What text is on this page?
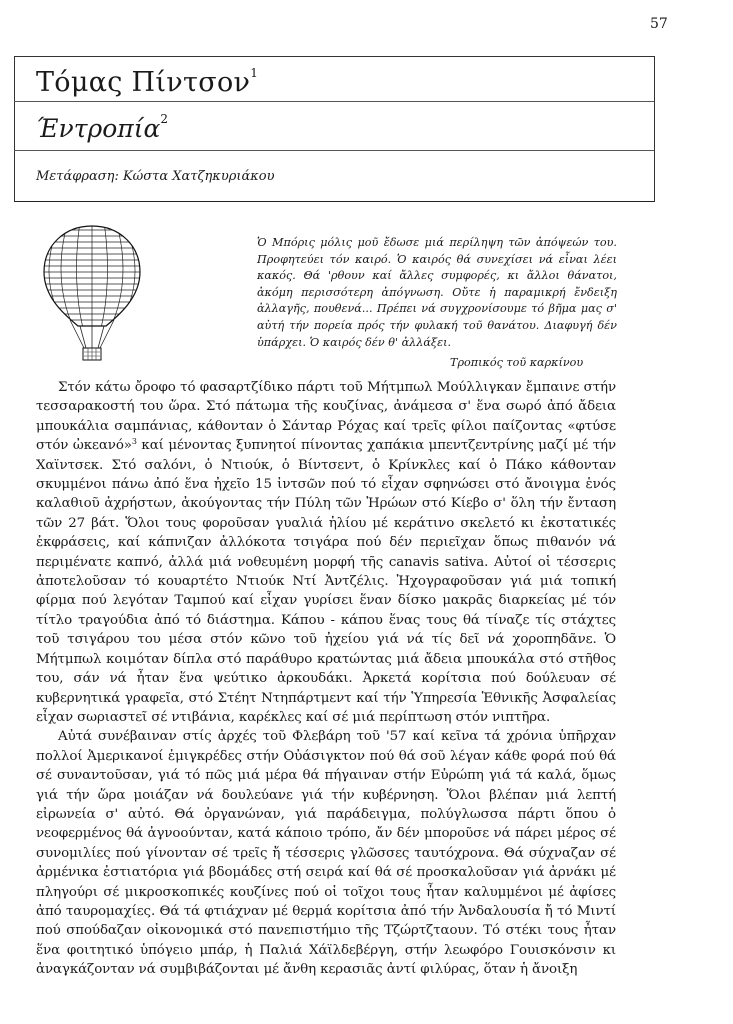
57
Τόμας Πίντσον$^1$
Έντροπία$^2$
Μετάφραση: Κώστα Χατζηκυριάκου

Ὁ Μπόρις μόλις μοῦ ἔδωσε μιά περίληψη τῶν ἀπόψεών του. Προφητεύει τόν καιρό. Ὁ καιρός θά συνεχίσει νά εἶναι λέει κακός. Θά 'ρθουν καί ἄλλες συμφορές, κι ἄλλοι θάνατοι, ἀκόμη περισσότερη ἀπόγνωση. Οὔτε ἡ παραμικρή ἔνδειξη ἀλλαγῆς, πουθενά... Πρέπει νά συγχρονίσουμε τό βῆμα μας σ' αὐτή τήν πορεία πρός τήν φυλακή τοῦ θανάτου. Διαφυγή δέν ὑπάρχει. Ὁ καιρός δέν θ' ἀλλάξει.

Τροπικός τοῦ καρκίνου

Στόν κάτω ὄροφο τό φασαρτζίδικο πάρτι τοῦ Μήτμπωλ Μούλλιγκαν ἔμπαινε στήν τεσσαρακοστή του ὥρα. Στό πάτωμα τῆς κουζίνας, ἀνάμεσα σ' ἕνα σωρό ἀπό ἄδεια μπουκάλια σαμπάνιας, κάθονταν ὁ Σάνταρ Ρόχας καί τρεῖς φίλοι παίζοντας «φτύσε στόν ὠκεανό»$^3$ καί μένοντας ξυπνητοί πίνοντας χαπάκια μπεντζεντρίνης μαζί μέ τήν Χαϊντσεκ. Στό σαλόνι, ὁ Ντιούκ, ὁ Βίντσεντ, ὁ Κρίνκλες καί ὁ Πάκο κάθονταν σκυμμένοι πάνω ἀπό ἕνα ἠχεῖο 15 ἰντσῶν πού τό εἶχαν σφηνώσει στό ἄνοιγμα ἑνός καλαθιοῦ ἀχρήστων, ἀκούγοντας τήν Πύλη τῶν Ἡρώων στό Κίεβο σ' ὅλη τήν ἔνταση τῶν 27 βάτ. Ὅλοι τους φοροῦσαν γυαλιά ἡλίου μέ κεράτινο σκελετό κι ἐκστατικές ἐκφράσεις, καί κάπνιζαν ἀλλόκοτα τσιγάρα πού δέν περιεῖχαν ὅπως πιθανόν νά περιμένατε καπνό, ἀλλά μιά νοθευμένη μορφή τῆς canavis sativa. Αὐτοί οἱ τέσσερις ἀποτελοῦσαν τό κουαρτέτο Ντιούκ Ντί Ἀντζέλις. Ἠχογραφοῦσαν γιά μιά τοπική φίρμα πού λεγόταν Ταμπού καί εἶχαν γυρίσει ἕναν δίσκο μακρᾶς διαρκείας μέ τόν τίτλο τραγούδια ἀπό τό διάστημα. Κάπου - κάπου ἕνας τους θά τίναζε τίς στάχτες τοῦ τσιγάρου του μέσα στόν κῶνο τοῦ ἠχείου γιά νά τίς δεῖ νά χοροπηδᾶνε. Ὁ Μήτμπωλ κοιμόταν δίπλα στό παράθυρο κρατώντας μιά ἄδεια μπουκάλα στό στῆθος του, σάν νά ἦταν ἕνα ψεύτικο ἀρκουδάκι. Ἀρκετά κορίτσια πού δούλευαν σέ κυβερνητικά γραφεῖα, στό Στέητ Ντηπάρτμεντ καί τήν Ὑπηρεσία Ἐθνικῆς Ἀσφαλείας εἶχαν σωριαστεῖ σέ ντιβάνια, καρέκλες καί σέ μιά περίπτωση στόν νιπτῆρα.

Αὐτά συνέβαιναν στίς ἀρχές τοῦ Φλεβάρη τοῦ '57 καί κεῖνα τά χρόνια ὑπῆρχαν πολλοί Ἀμερικανοί ἐμιγκρέδες στήν Οὐάσιγκτον πού θά σοῦ λέγαν κάθε φορά πού θά σέ συναντοῦσαν, γιά τό πῶς μιά μέρα θά πήγαιναν στήν Εὐρώπη γιά τά καλά, ὅμως γιά τήν ὥρα μοιάζαν νά δουλεύανε γιά τήν κυβέρνηση. Ὅλοι βλέπαν μιά λεπτή εἰρωνεία σ' αὐτό. Θά ὀργανώναν, γιά παράδειγμα, πολύγλωσσα πάρτι ὅπου ὁ νεοφερμένος θά ἀγνοούνταν, κατά κάποιο τρόπο, ἄν δέν μποροῦσε νά πάρει μέρος σέ συνομιλίες πού γίνονταν σέ τρεῖς ἤ τέσσερις γλῶσσες ταυτόχρονα. Θά σύχναζαν σέ ἀρμένικα ἐστιατόρια γιά βδομάδες στή σειρά καί θά σέ προσκαλοῦσαν γιά ἀρνάκι μέ πληγούρι σέ μικροσκοπικές κουζίνες πού οἱ τοῖχοι τους ἦταν καλυμμένοι μέ ἀφίσες ἀπό ταυρομαχίες. Θά τά φτιάχναν μέ θερμά κορίτσια ἀπό τήν Ἀνδαλουσία ἤ τό Μιντί πού σπούδαζαν οἰκονομικά στό πανεπιστήμιο τῆς Τζώρτζταουν. Τό στέκι τους ἦταν ἕνα φοιτητικό ὑπόγειο μπάρ, ἡ Παλιά Χάϊλδεβέργη, στήν λεωφόρο Γουισκόνσιν κι ἀναγκάζονταν νά συμβιβάζονται μέ ἄνθη κερασιᾶς ἀντί φιλύρας, ὅταν ἡ ἄνοιξη
